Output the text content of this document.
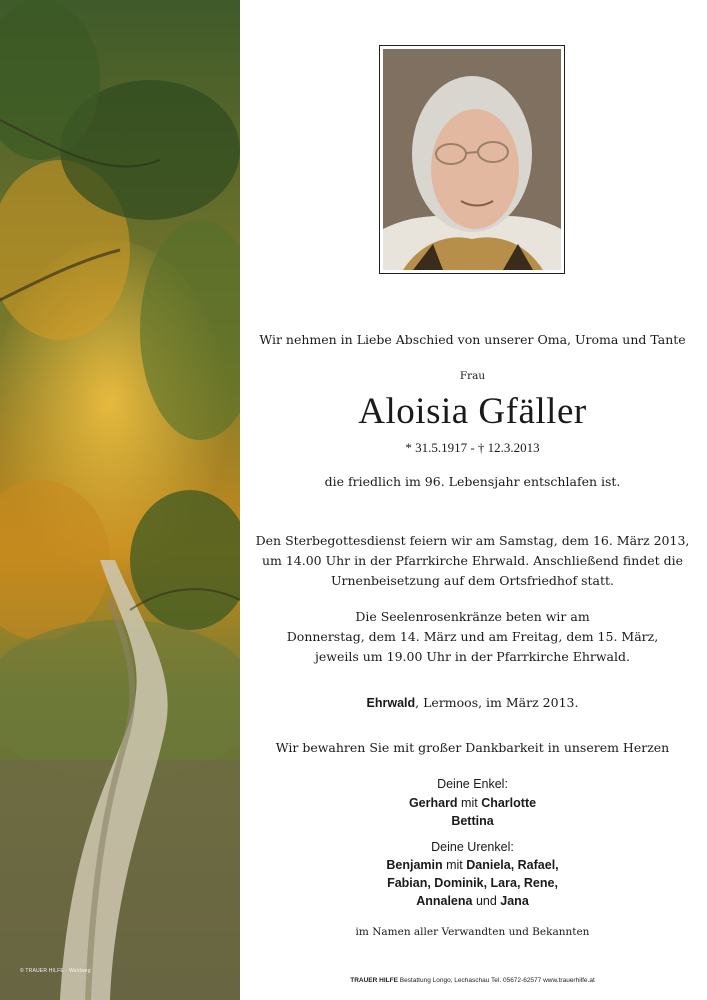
© TRAUER HILFE · Waldweg

Wir nehmen in Liebe Abschied von unserer Oma, Uroma und Tante

Frau

Aloisia Gfäller

* 31.5.1917 - † 12.3.2013

die friedlich im 96. Lebensjahr entschlafen ist.

Den Sterbegottesdienst feiern wir am Samstag, dem 16. März 2013,
um 14.00 Uhr in der Pfarrkirche Ehrwald. Anschließend findet die
Urnenbeisetzung auf dem Ortsfriedhof statt.
Die Seelenrosenkränze beten wir am
Donnerstag, dem 14. März und am Freitag, dem 15. März,
jeweils um 19.00 Uhr in der Pfarrkirche Ehrwald.

Ehrwald, Lermoos, im März 2013.

Wir bewahren Sie mit großer Dankbarkeit in unserem Herzen

Deine Enkel:

Gerhard mit Charlotte

Bettina

Deine Urenkel:

Benjamin mit Daniela, Rafael,

Fabian, Dominik, Lara, Rene,

Annalena und Jana

im Namen aller Verwandten und Bekannten

TRAUER HILFE Bestattung Longo, Lechaschau Tel. 05672-62577 www.trauerhilfe.at
